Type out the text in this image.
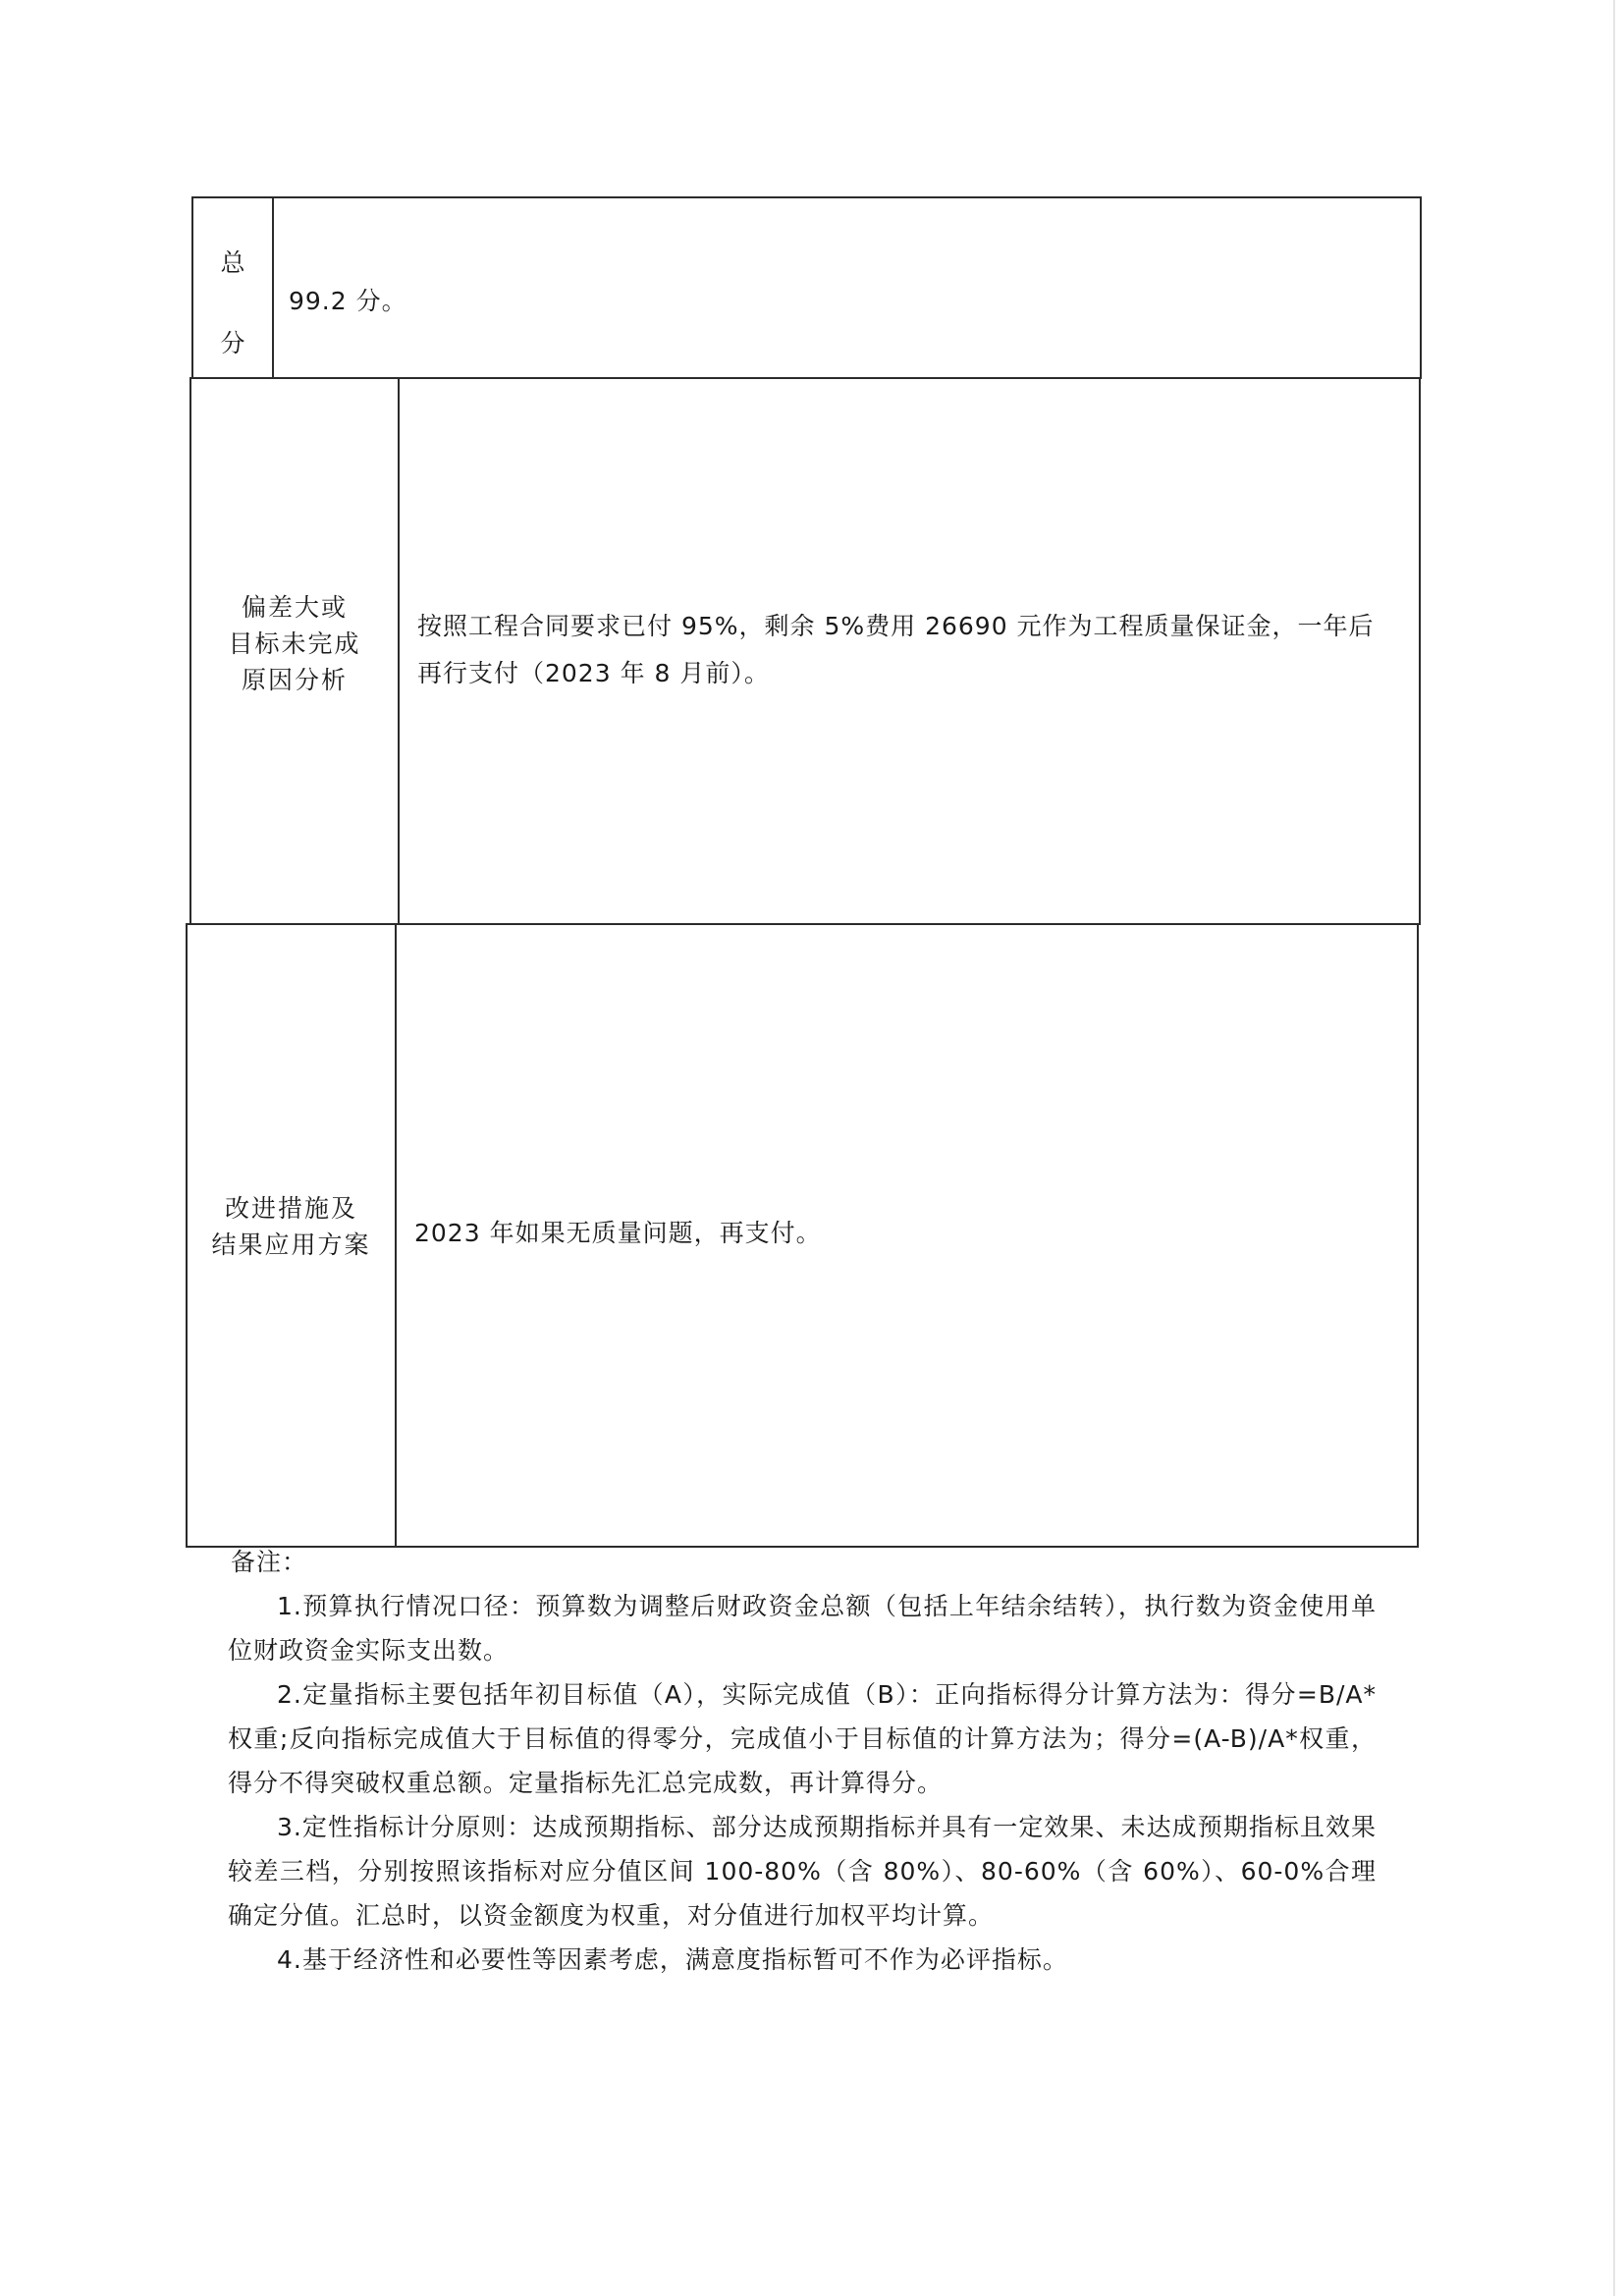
总
分
99.2 分。
偏差大或
目标未完成
原因分析
按照工程合同要求已付 95%，剩余 5%费用 26690 元作为工程质量保证金，一年后再行支付（2023 年 8 月前）。
改进措施及
结果应用方案	2023 年如果无质量问题，再支付。
备注：
1.预算执行情况口径：预算数为调整后财政资金总额（包括上年结余结转），执行数为资金使用单位财政资金实际支出数。
2.定量指标主要包括年初目标值（A），实际完成值（B）：正向指标得分计算方法为：得分=B/A*权重;反向指标完成值大于目标值的得零分，完成值小于目标值的计算方法为；得分=(A-B)/A*权重，得分不得突破权重总额。定量指标先汇总完成数，再计算得分。
3.定性指标计分原则：达成预期指标、部分达成预期指标并具有一定效果、未达成预期指标且效果较差三档，分别按照该指标对应分值区间 100-80%（含 80%）、80-60%（含 60%）、60-0%合理确定分值。汇总时，以资金额度为权重，对分值进行加权平均计算。
4.基于经济性和必要性等因素考虑，满意度指标暂可不作为必评指标。
